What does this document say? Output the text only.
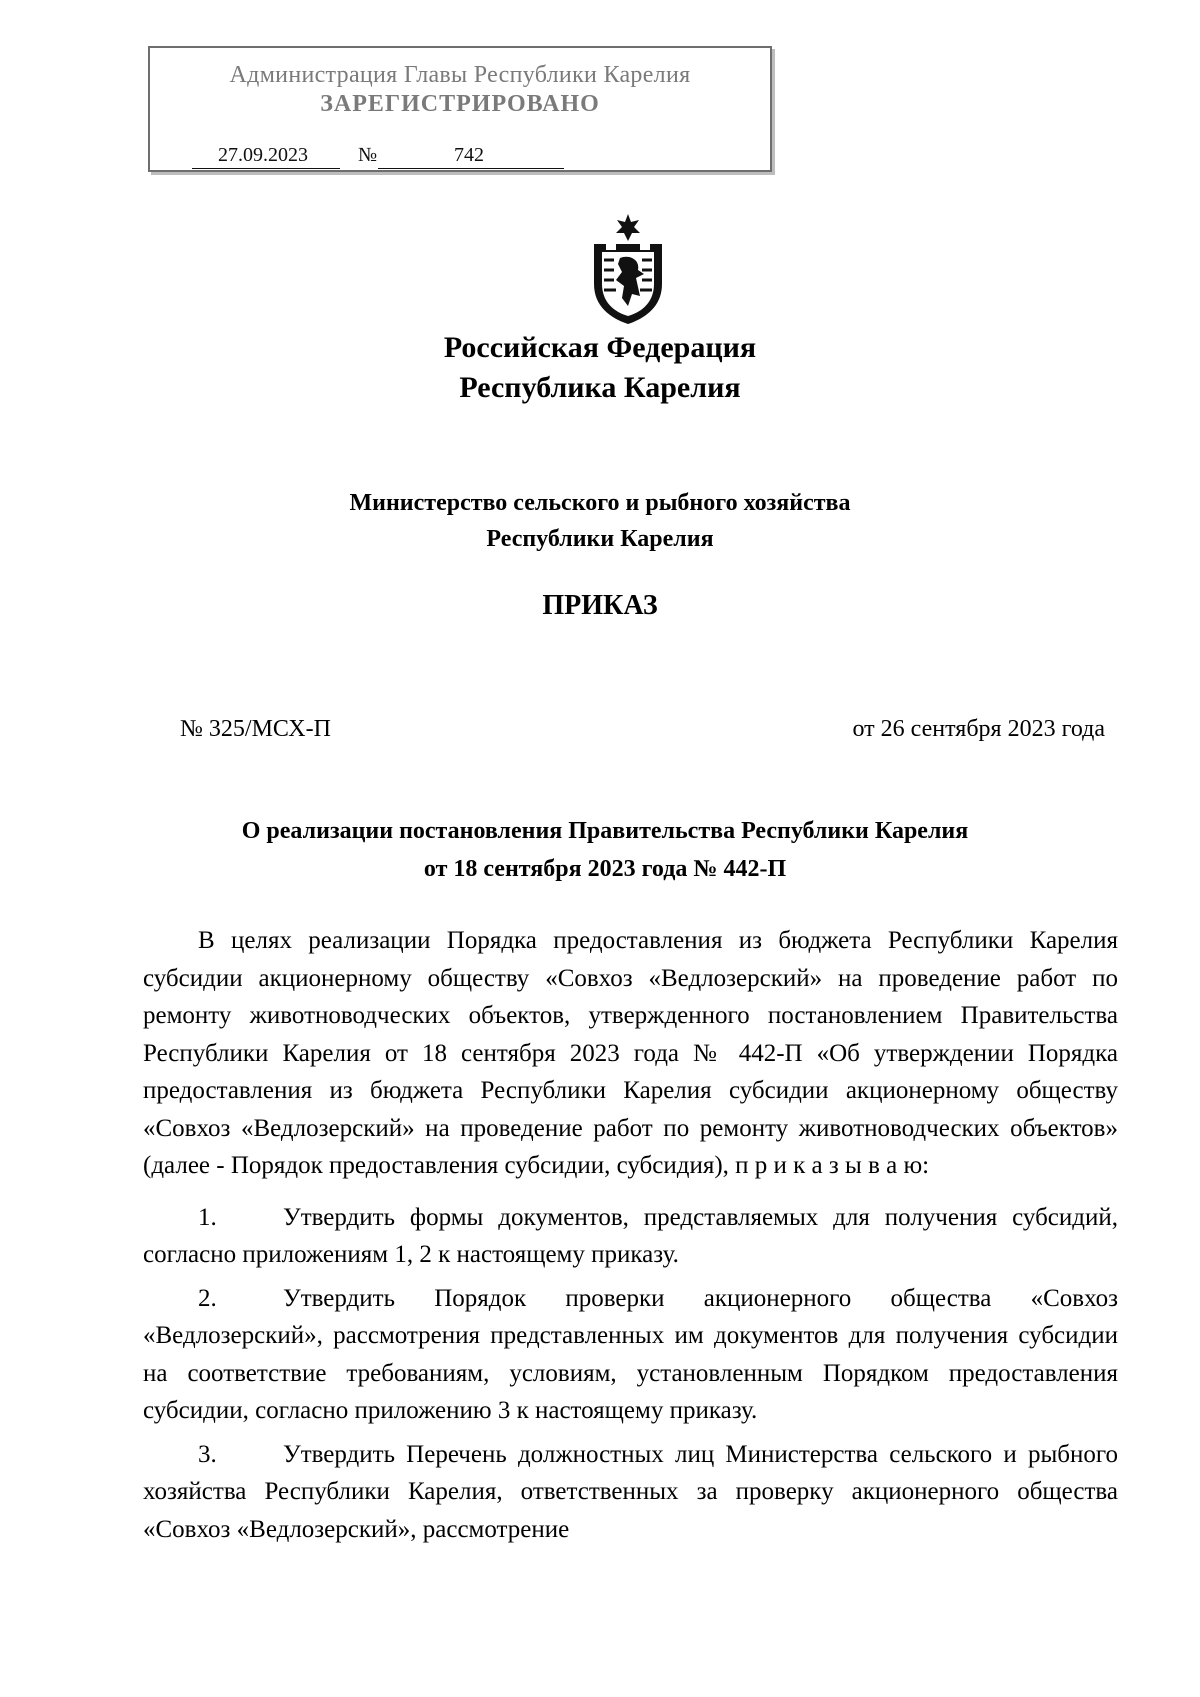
Администрация Главы Республики Карелия
ЗАРЕГИСТРИРОВАНО
27.09.2023	№	742
Российская Федерация
Республика Карелия
Министерство сельского и рыбного хозяйства
Республики Карелия
ПРИКАЗ
№ 325/МСХ-П	от 26 сентября 2023 года
О реализации постановления Правительства Республики Карелия
от 18 сентября 2023 года № 442-П

В целях реализации Порядка предоставления из бюджета Республики Карелия субсидии акционерному обществу «Совхоз «Ведлозерский» на проведение работ по ремонту животноводческих объектов, утвержденного постановлением Правительства Республики Карелия от 18 сентября 2023 года № 442-П «Об утверждении Порядка предоставления из бюджета Республики Карелия субсидии акционерному обществу «Совхоз «Ведлозерский» на проведение работ по ремонту животноводческих объектов» (далее - Порядок предоставления субсидии, субсидия), п р и к а з ы в а ю:

1.	Утвердить формы документов, представляемых для получения субсидий, согласно приложениям 1, 2 к настоящему приказу.

2.	Утвердить Порядок проверки акционерного общества «Совхоз «Ведлозерский», рассмотрения представленных им документов для получения субсидии на соответствие требованиям, условиям, установленным Порядком предоставления субсидии, согласно приложению 3 к настоящему приказу.

3.	Утвердить Перечень должностных лиц Министерства сельского и рыбного хозяйства Республики Карелия, ответственных за проверку акционерного общества «Совхоз «Ведлозерский», рассмотрение
